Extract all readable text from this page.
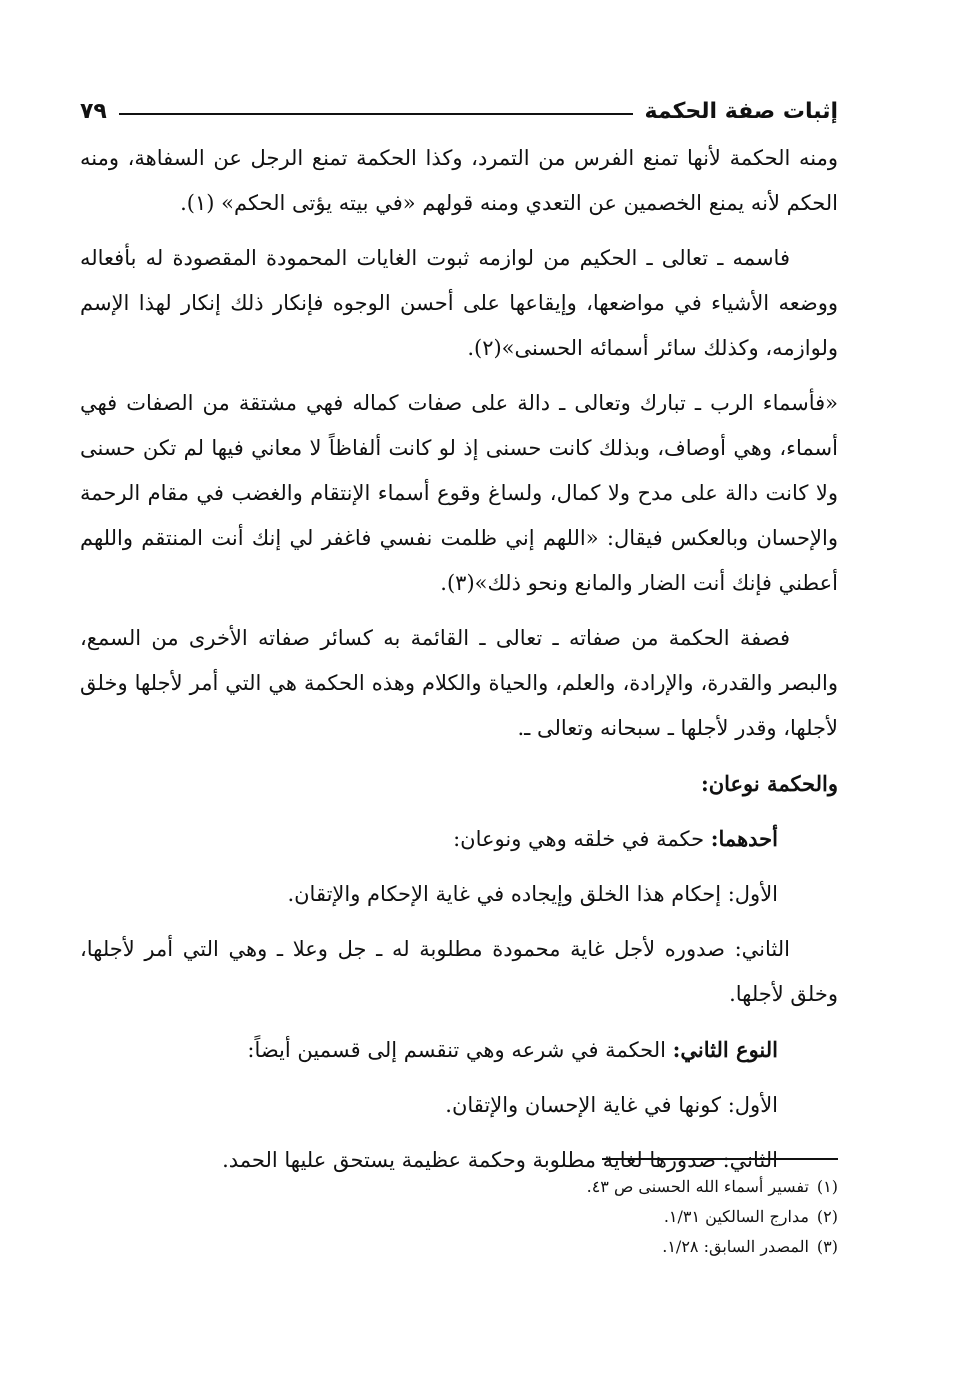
إثبات صفة الحكمة
٧٩

ومنه الحكمة لأنها تمنع الفرس من التمرد، وكذا الحكمة تمنع الرجل عن السفاهة، ومنه الحكم لأنه يمنع الخصمين عن التعدي ومنه قولهم «في بيته يؤتى الحكم» (١).

فاسمه ـ تعالى ـ الحكيم من لوازمه ثبوت الغايات المحمودة المقصودة له بأفعاله ووضعه الأشياء في مواضعها، وإيقاعها على أحسن الوجوه فإنكار ذلك إنكار لهذا الإسم ولوازمه، وكذلك سائر أسمائه الحسنى»(٢).

«فأسماء الرب ـ تبارك وتعالى ـ دالة على صفات كماله فهي مشتقة من الصفات فهي أسماء، وهي أوصاف، وبذلك كانت حسنى إذ لو كانت ألفاظاً لا معاني فيها لم تكن حسنى ولا كانت دالة على مدح ولا كمال، ولساغ وقوع أسماء الإنتقام والغضب في مقام الرحمة والإحسان وبالعكس فيقال: «اللهم إني ظلمت نفسي فاغفر لي إنك أنت المنتقم واللهم أعطني فإنك أنت الضار والمانع ونحو ذلك»(٣).

فصفة الحكمة من صفاته ـ تعالى ـ القائمة به كسائر صفاته الأخرى من السمع، والبصر والقدرة، والإرادة، والعلم، والحياة والكلام وهذه الحكمة هي التي أمر لأجلها وخلق لأجلها، وقدر لأجلها ـ سبحانه وتعالى ـ.

والحكمة نوعان:

أحدهما: حكمة في خلقه وهي ونوعان:

الأول: إحكام هذا الخلق وإيجاده في غاية الإحكام والإتقان.

الثاني: صدوره لأجل غاية محمودة مطلوبة له ـ جل وعلا ـ وهي التي أمر لأجلها، وخلق لأجلها.

النوع الثاني: الحكمة في شرعه وهي تنقسم إلى قسمين أيضاً:

الأول: كونها في غاية الإحسان والإتقان.

الثاني: صدورها لغاية مطلوبة وحكمة عظيمة يستحق عليها الحمد.

(١)تفسير أسماء الله الحسنى ص ٤٣.
(٢)مدارج السالكين ١/٣١.
(٣)المصدر السابق: ١/٢٨.
